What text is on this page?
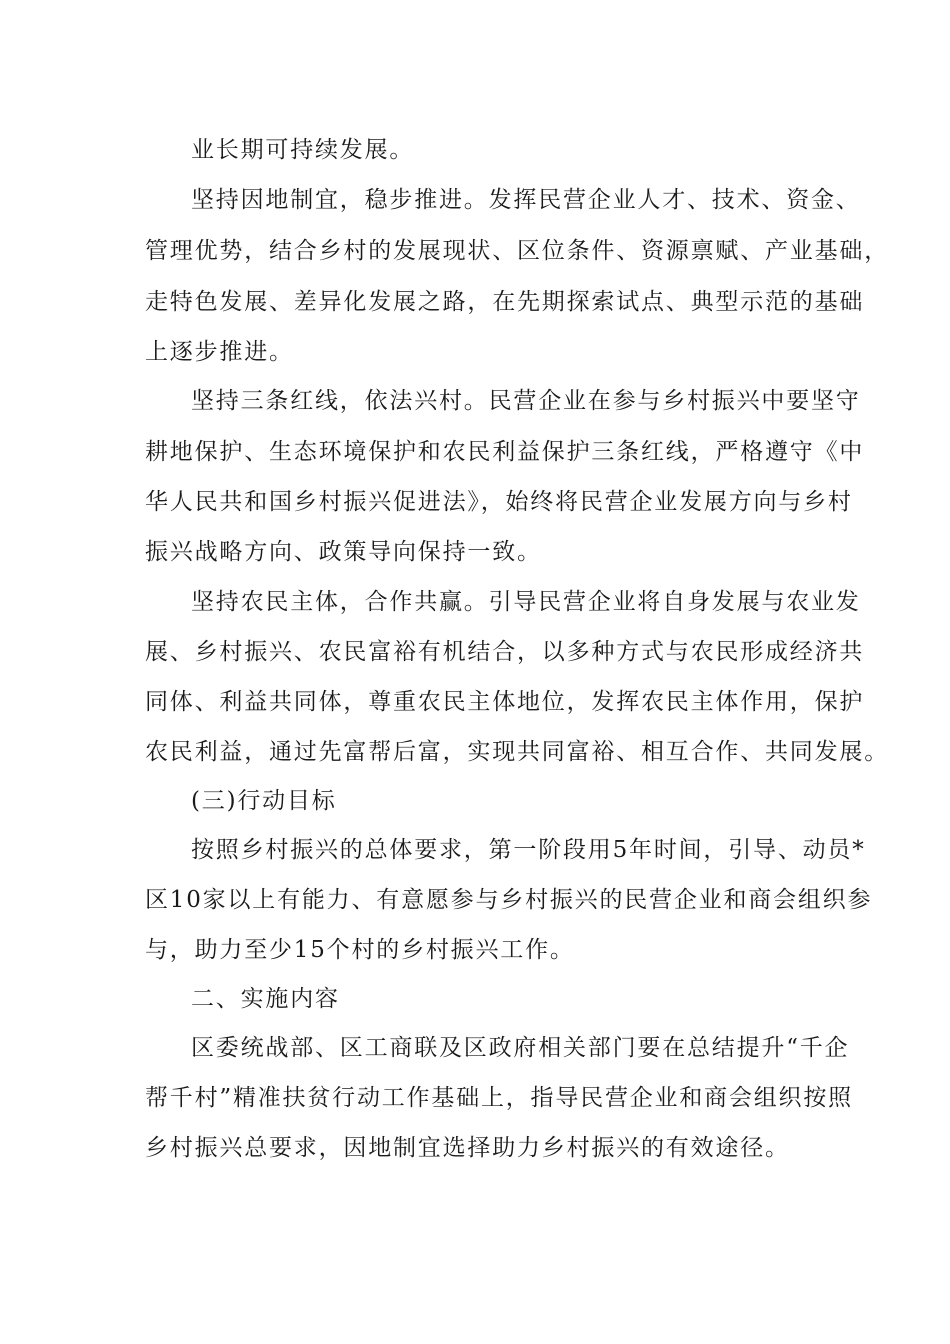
业长期可持续发展。
坚持因地制宜，稳步推进。发挥民营企业人才、技术、资金、
管理优势，结合乡村的发展现状、区位条件、资源禀赋、产业基础，
走特色发展、差异化发展之路，在先期探索试点、典型示范的基础
上逐步推进。
坚持三条红线，依法兴村。民营企业在参与乡村振兴中要坚守
耕地保护、生态环境保护和农民利益保护三条红线，严格遵守《中
华人民共和国乡村振兴促进法》，始终将民营企业发展方向与乡村
振兴战略方向、政策导向保持一致。
坚持农民主体，合作共赢。引导民营企业将自身发展与农业发
展、乡村振兴、农民富裕有机结合，以多种方式与农民形成经济共
同体、利益共同体，尊重农民主体地位，发挥农民主体作用，保护
农民利益，通过先富帮后富，实现共同富裕、相互合作、共同发展。
(三)行动目标
按照乡村振兴的总体要求，第一阶段用5年时间，引导、动员*
区10家以上有能力、有意愿参与乡村振兴的民营企业和商会组织参
与，助力至少15个村的乡村振兴工作。
二、实施内容
区委统战部、区工商联及区政府相关部门要在总结提升“千企
帮千村”精准扶贫行动工作基础上，指导民营企业和商会组织按照
乡村振兴总要求，因地制宜选择助力乡村振兴的有效途径。
